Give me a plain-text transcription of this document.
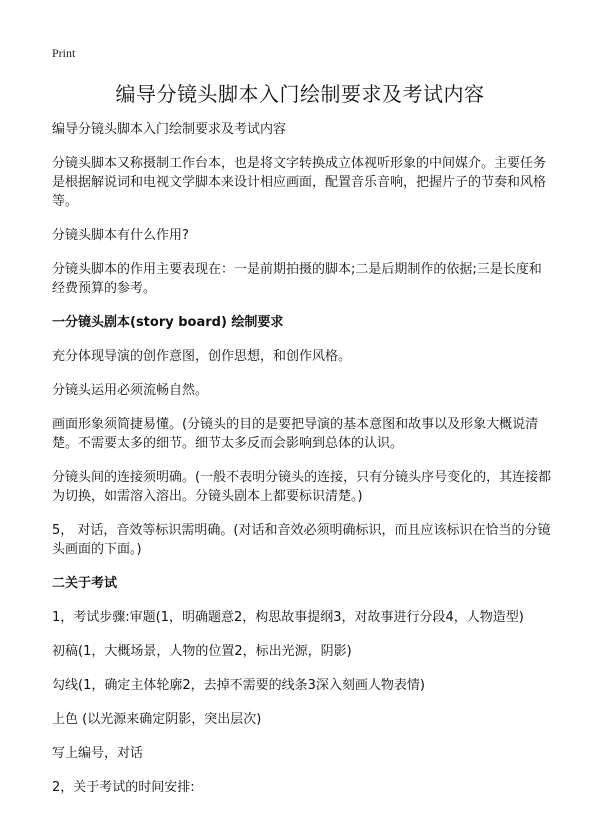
Print
编导分镜头脚本入门绘制要求及考试内容

编导分镜头脚本入门绘制要求及考试内容

分镜头脚本又称摄制工作台本，也是将文字转换成立体视听形象的中间媒介。主要任务是根据解说词和电视文学脚本来设计相应画面，配置音乐音响，把握片子的节奏和风格等。

分镜头脚本有什么作用?

分镜头脚本的作用主要表现在：一是前期拍摄的脚本;二是后期制作的依据;三是长度和经费预算的参考。

一分镜头剧本(story board) 绘制要求

充分体现导演的创作意图，创作思想，和创作风格。

分镜头运用必须流畅自然。

画面形象须简捷易懂。(分镜头的目的是要把导演的基本意图和故事以及形象大概说清楚。不需要太多的细节。细节太多反而会影响到总体的认识。

分镜头间的连接须明确。(一般不表明分镜头的连接，只有分镜头序号变化的，其连接都为切换，如需溶入溶出。分镜头剧本上都要标识清楚。)

5， 对话，音效等标识需明确。(对话和音效必须明确标识，而且应该标识在恰当的分镜头画面的下面。)

二关于考试

1，考试步骤:审题(1，明确题意2，构思故事提纲3，对故事进行分段4，人物造型)

初稿(1，大概场景，人物的位置2，标出光源，阴影)

勾线(1，确定主体轮廓2，去掉不需要的线条3深入刻画人物表情)

上色 (以光源来确定阴影，突出层次)

写上编号，对话

2，关于考试的时间安排:
